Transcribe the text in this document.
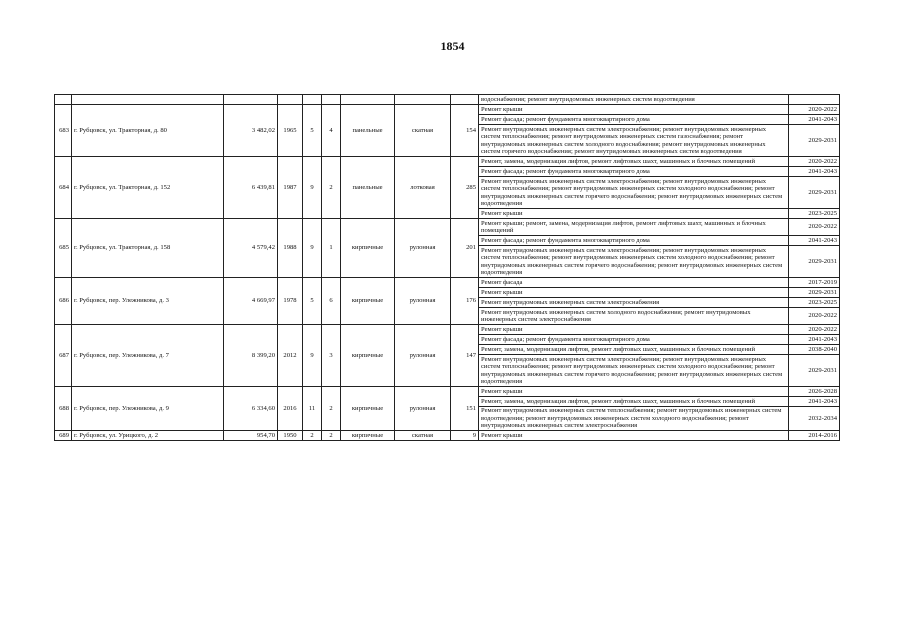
1854
									водоснабжения; ремонт внутридомовых инженерных систем водоотведения	
683	г. Рубцовск, ул. Тракторная, д. 80	3 482,02	1965	5	4	панельные	скатная	154	Ремонт крыши	2020-2022
									Ремонт фасада; ремонт фундамента многоквартирного дома	2041-2043
									Ремонт внутридомовых инженерных систем электроснабжения; ремонт внутридомовых инженерных систем теплоснабжения; ремонт внутридомовых инженерных систем газоснабжения; ремонт внутридомовых инженерных систем холодного водоснабжения; ремонт внутридомовых инженерных систем горячего водоснабжения; ремонт внутридомовых инженерных систем водоотведения	2029-2031
684	г. Рубцовск, ул. Тракторная, д. 152	6 439,81	1987	9	2	панельные	лотковая	285	Ремонт, замена, модернизация лифтов, ремонт лифтовых шахт, машинных и блочных помещений	2020-2022
									Ремонт фасада; ремонт фундамента многоквартирного дома	2041-2043
									Ремонт внутридомовых инженерных систем электроснабжения; ремонт внутридомовых инженерных систем теплоснабжения; ремонт внутридомовых инженерных систем холодного водоснабжения; ремонт внутридомовых инженерных систем горячего водоснабжения; ремонт внутридомовых инженерных систем водоотведения	2029-2031
									Ремонт крыши	2023-2025
685	г. Рубцовск, ул. Тракторная, д. 158	4 579,42	1988	9	1	кирпичные	рулонная	201	Ремонт крыши; ремонт, замена, модернизация лифтов, ремонт лифтовых шахт, машинных и блочных помещений	2020-2022
									Ремонт фасада; ремонт фундамента многоквартирного дома	2041-2043
									Ремонт внутридомовых инженерных систем электроснабжения; ремонт внутридомовых инженерных систем теплоснабжения; ремонт внутридомовых инженерных систем холодного водоснабжения; ремонт внутридомовых инженерных систем горячего водоснабжения; ремонт внутридомовых инженерных систем водоотведения	2029-2031
686	г. Рубцовск, пер. Улежникова, д. 3	4 669,97	1978	5	6	кирпичные	рулонная	176	Ремонт фасада	2017-2019
									Ремонт крыши	2029-2031
									Ремонт внутридомовых инженерных систем электроснабжения	2023-2025
									Ремонт внутридомовых инженерных систем холодного водоснабжения; ремонт внутридомовых инженерных систем электроснабжения	2020-2022
687	г. Рубцовск, пер. Улежникова, д. 7	8 399,20	2012	9	3	кирпичные	рулонная	147	Ремонт крыши	2020-2022
									Ремонт фасада; ремонт фундамента многоквартирного дома	2041-2043
									Ремонт, замена, модернизация лифтов, ремонт лифтовых шахт, машинных и блочных помещений	2038-2040
									Ремонт внутридомовых инженерных систем электроснабжения; ремонт внутридомовых инженерных систем теплоснабжения; ремонт внутридомовых инженерных систем холодного водоснабжения; ремонт внутридомовых инженерных систем горячего водоснабжения; ремонт внутридомовых инженерных систем водоотведения	2029-2031
688	г. Рубцовск, пер. Улежникова, д. 9	6 334,60	2016	11	2	кирпичные	рулонная	151	Ремонт крыши	2026-2028
									Ремонт, замена, модернизация лифтов, ремонт лифтовых шахт, машинных и блочных помещений	2041-2043
									Ремонт внутридомовых инженерных систем теплоснабжения; ремонт внутридомовых инженерных систем водоотведения; ремонт внутридомовых инженерных систем холодного водоснабжения; ремонт внутридомовых инженерных систем электроснабжения	2032-2034
689	г. Рубцовск, ул. Урицкого, д. 2	954,70	1950	2	2	кирпичные	скатная	9	Ремонт крыши	2014-2016
